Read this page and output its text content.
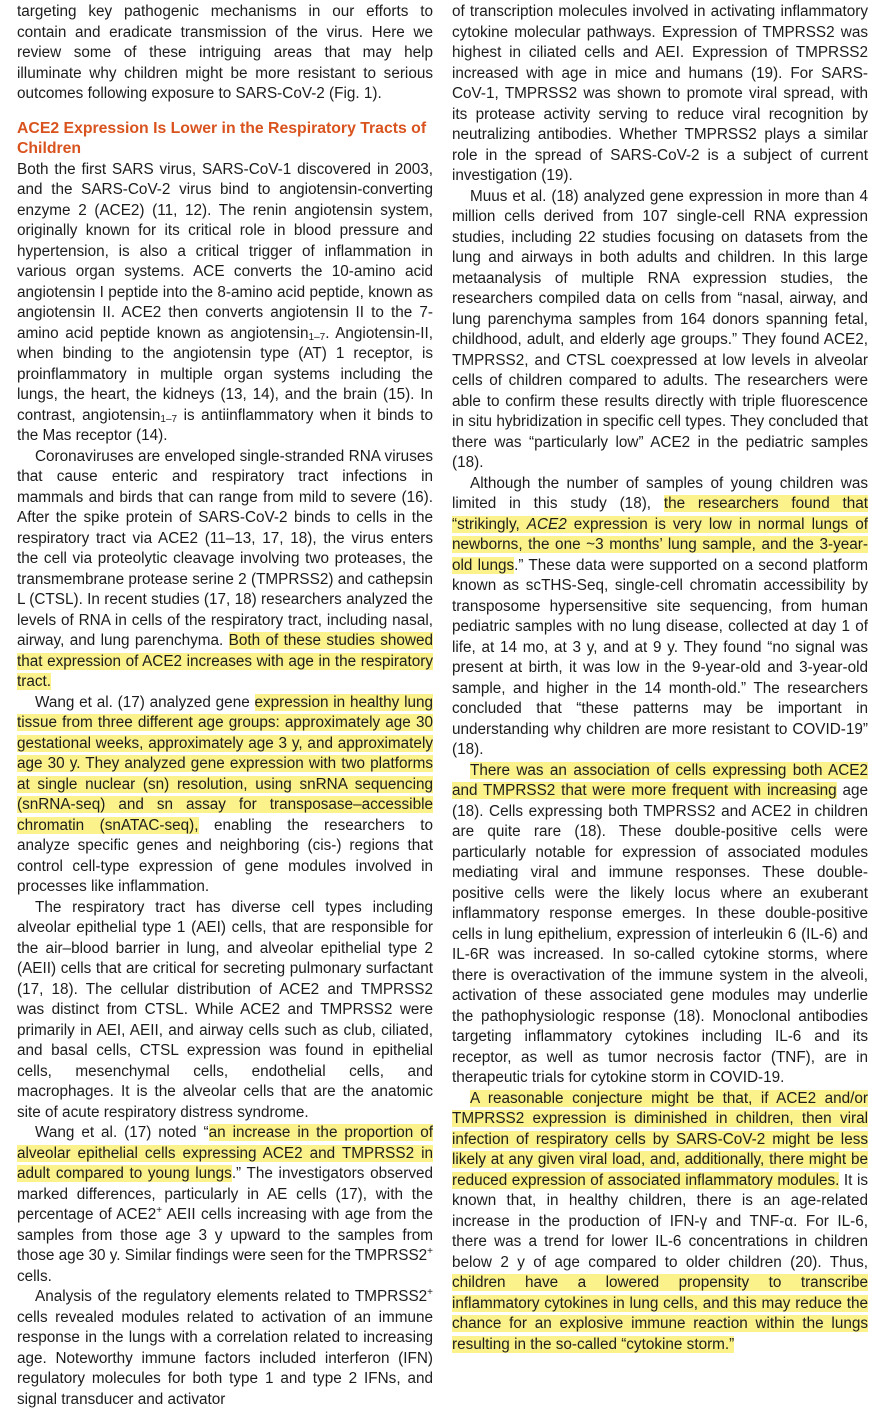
targeting key pathogenic mechanisms in our efforts to contain and eradicate transmission of the virus. Here we review some of these intriguing areas that may help illuminate why children might be more resistant to serious outcomes following exposure to SARS-CoV-2 (Fig. 1).

ACE2 Expression Is Lower in the Respiratory Tracts of Children

Both the first SARS virus, SARS-CoV-1 discovered in 2003, and the SARS-CoV-2 virus bind to angiotensin-converting enzyme 2 (ACE2) (11, 12). The renin angiotensin system, originally known for its critical role in blood pressure and hypertension, is also a critical trigger of inflammation in various organ systems. ACE converts the 10-amino acid angiotensin I peptide into the 8-amino acid peptide, known as angiotensin II. ACE2 then converts angiotensin II to the 7-amino acid peptide known as angiotensin$_{1-7}$. Angiotensin-II, when binding to the angiotensin type (AT) 1 receptor, is proinflammatory in multiple organ systems including the lungs, the heart, the kidneys (13, 14), and the brain (15). In contrast, angiotensin$_{1-7}$ is antiinflammatory when it binds to the Mas receptor (14).

Coronaviruses are enveloped single-stranded RNA viruses that cause enteric and respiratory tract infections in mammals and birds that can range from mild to severe (16). After the spike protein of SARS-CoV-2 binds to cells in the respiratory tract via ACE2 (11–13, 17, 18), the virus enters the cell via proteolytic cleavage involving two proteases, the transmembrane protease serine 2 (TMPRSS2) and cathepsin L (CTSL). In recent studies (17, 18) researchers analyzed the levels of RNA in cells of the respiratory tract, including nasal, airway, and lung parenchyma. Both of these studies showed that expression of ACE2 increases with age in the respiratory tract.

Wang et al. (17) analyzed gene expression in healthy lung tissue from three different age groups: approximately age 30 gestational weeks, approximately age 3 y, and approximately age 30 y. They analyzed gene expression with two platforms at single nuclear (sn) resolution, using snRNA sequencing (snRNA-seq) and sn assay for transposase–accessible chromatin (snATAC-seq), enabling the researchers to analyze specific genes and neighboring (cis-) regions that control cell-type expression of gene modules involved in processes like inflammation.

The respiratory tract has diverse cell types including alveolar epithelial type 1 (AEI) cells, that are responsible for the air–blood barrier in lung, and alveolar epithelial type 2 (AEII) cells that are critical for secreting pulmonary surfactant (17, 18). The cellular distribution of ACE2 and TMPRSS2 was distinct from CTSL. While ACE2 and TMPRSS2 were primarily in AEI, AEII, and airway cells such as club, ciliated, and basal cells, CTSL expression was found in epithelial cells, mesenchymal cells, endothelial cells, and macrophages. It is the alveolar cells that are the anatomic site of acute respiratory distress syndrome.

Wang et al. (17) noted “an increase in the proportion of alveolar epithelial cells expressing ACE2 and TMPRSS2 in adult compared to young lungs.” The investigators observed marked differences, particularly in AE cells (17), with the percentage of ACE2+ AEII cells increasing with age from the samples from those age 3 y upward to the samples from those age 30 y. Similar findings were seen for the TMPRSS2+ cells.

Analysis of the regulatory elements related to TMPRSS2+ cells revealed modules related to activation of an immune response in the lungs with a correlation related to increasing age. Noteworthy immune factors included interferon (IFN) regulatory molecules for both type 1 and type 2 IFNs, and signal transducer and activator

of transcription molecules involved in activating inflammatory cytokine molecular pathways. Expression of TMPRSS2 was highest in ciliated cells and AEI. Expression of TMPRSS2 increased with age in mice and humans (19). For SARS-CoV-1, TMPRSS2 was shown to promote viral spread, with its protease activity serving to reduce viral recognition by neutralizing antibodies. Whether TMPRSS2 plays a similar role in the spread of SARS-CoV-2 is a subject of current investigation (19).

Muus et al. (18) analyzed gene expression in more than 4 million cells derived from 107 single-cell RNA expression studies, including 22 studies focusing on datasets from the lung and airways in both adults and children. In this large metaanalysis of multiple RNA expression studies, the researchers compiled data on cells from “nasal, airway, and lung parenchyma samples from 164 donors spanning fetal, childhood, adult, and elderly age groups.” They found ACE2, TMPRSS2, and CTSL coexpressed at low levels in alveolar cells of children compared to adults. The researchers were able to confirm these results directly with triple fluorescence in situ hybridization in specific cell types. They concluded that there was “particularly low” ACE2 in the pediatric samples (18).

Although the number of samples of young children was limited in this study (18), the researchers found that “strikingly, ACE2 expression is very low in normal lungs of newborns, the one ~3 months’ lung sample, and the 3-year-old lungs.” These data were supported on a second platform known as scTHS-Seq, single-cell chromatin accessibility by transposome hypersensitive site sequencing, from human pediatric samples with no lung disease, collected at day 1 of life, at 14 mo, at 3 y, and at 9 y. They found “no signal was present at birth, it was low in the 9-year-old and 3-year-old sample, and higher in the 14 month-old.” The researchers concluded that “these patterns may be important in understanding why children are more resistant to COVID-19” (18).

There was an association of cells expressing both ACE2 and TMPRSS2 that were more frequent with increasing age (18). Cells expressing both TMPRSS2 and ACE2 in children are quite rare (18). These double-positive cells were particularly notable for expression of associated modules mediating viral and immune responses. These double-positive cells were the likely locus where an exuberant inflammatory response emerges. In these double-positive cells in lung epithelium, expression of interleukin 6 (IL-6) and IL-6R was increased. In so-called cytokine storms, where there is overactivation of the immune system in the alveoli, activation of these associated gene modules may underlie the pathophysiologic response (18). Monoclonal antibodies targeting inflammatory cytokines including IL-6 and its receptor, as well as tumor necrosis factor (TNF), are in therapeutic trials for cytokine storm in COVID-19.

A reasonable conjecture might be that, if ACE2 and/or TMPRSS2 expression is diminished in children, then viral infection of respiratory cells by SARS-CoV-2 might be less likely at any given viral load, and, additionally, there might be reduced expression of associated inflammatory modules. It is known that, in healthy children, there is an age-related increase in the production of IFN-γ and TNF-α. For IL-6, there was a trend for lower IL-6 concentrations in children below 2 y of age compared to older children (20). Thus, children have a lowered propensity to transcribe inflammatory cytokines in lung cells, and this may reduce the chance for an explosive immune reaction within the lungs resulting in the so-called “cytokine storm.”
